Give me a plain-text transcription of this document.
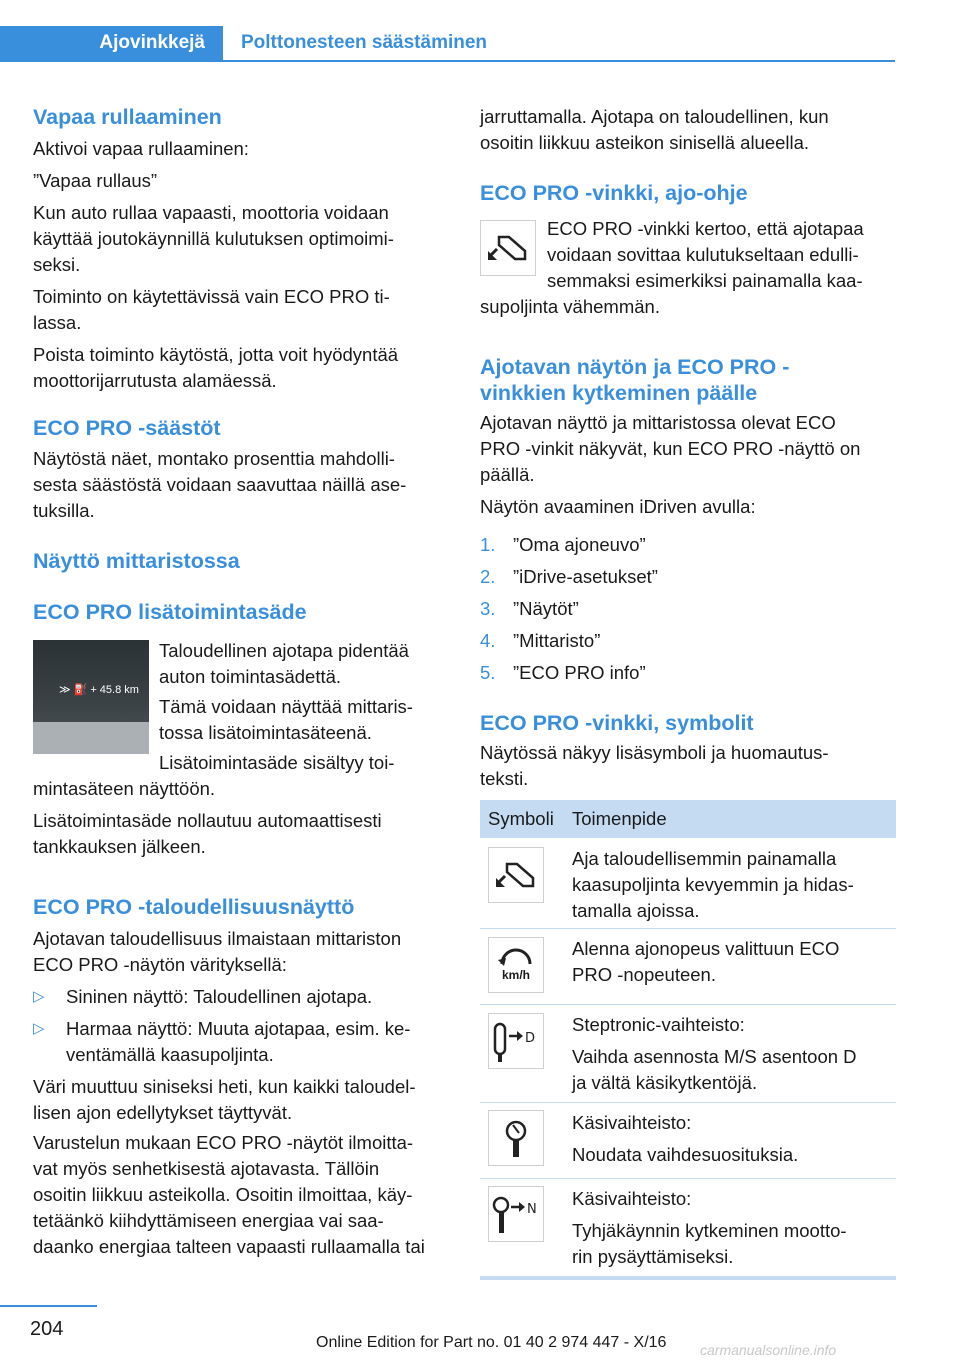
Ajovinkkejä Polttonesteen säästäminen
Vapaa rullaaminen
Aktivoi vapaa rullaaminen:
”Vapaa rullaus”
Kun auto rullaa vapaasti, moottoria voidaan
käyttää joutokäynnillä kulutuksen optimoimi-
seksi.
Toiminto on käytettävissä vain ECO PRO ti-
lassa.
Poista toiminto käytöstä, jotta voit hyödyntää
moottorijarrutusta alamäessä.
ECO PRO -säästöt
Näytöstä näet, montako prosenttia mahdolli-
sesta säästöstä voidaan saavuttaa näillä ase-
tuksilla.
Näyttö mittaristossa
ECO PRO lisätoimintasäde
≫ ⛽ + 45.8 km
Taloudellinen ajotapa pidentää
auton toimintasädettä.
Tämä voidaan näyttää mittaris-
tossa lisätoimintasäteenä.
Lisätoimintasäde sisältyy toi-
mintasäteen näyttöön.
Lisätoimintasäde nollautuu automaattisesti
tankkauksen jälkeen.
ECO PRO -taloudellisuusnäyttö
Ajotavan taloudellisuus ilmaistaan mittariston
ECO PRO -näytön värityksellä:
▷ Sininen näyttö: Taloudellinen ajotapa.
▷ Harmaa näyttö: Muuta ajotapaa, esim. ke-
ventämällä kaasupoljinta.
Väri muuttuu siniseksi heti, kun kaikki taloudel-
lisen ajon edellytykset täyttyvät.
Varustelun mukaan ECO PRO -näytöt ilmoitta-
vat myös senhetkisestä ajotavasta. Tällöin
osoitin liikkuu asteikolla. Osoitin ilmoittaa, käy-
tetäänkö kiihdyttämiseen energiaa vai saa-
daanko energiaa talteen vapaasti rullaamalla tai
jarruttamalla. Ajotapa on taloudellinen, kun
osoitin liikkuu asteikon sinisellä alueella.
ECO PRO -vinkki, ajo-ohje
ECO PRO -vinkki kertoo, että ajotapaa
voidaan sovittaa kulutukseltaan edulli-
semmaksi esimerkiksi painamalla kaa-
supoljinta vähemmän.
Ajotavan näytön ja ECO PRO -
vinkkien kytkeminen päälle
Ajotavan näyttö ja mittaristossa olevat ECO
PRO -vinkit näkyvät, kun ECO PRO -näyttö on
päällä.
Näytön avaaminen iDriven avulla:
1. ”Oma ajoneuvo”
2. ”iDrive-asetukset”
3. ”Näytöt”
4. ”Mittaristo”
5. ”ECO PRO info”
ECO PRO -vinkki, symbolit
Näytössä näkyy lisäsymboli ja huomautus-
teksti.
Symboli Toimenpide
Aja taloudellisemmin painamalla
kaasupoljinta kevyemmin ja hidas-
tamalla ajoissa.
km/h
Alenna ajonopeus valittuun ECO
PRO -nopeuteen.
D
Steptronic-vaihteisto:
Vaihda asennosta M/S asentoon D
ja vältä käsikytkentöjä.
Käsivaihteisto:
Noudata vaihdesuosituksia.
N
Käsivaihteisto:
Tyhjäkäynnin kytkeminen mootto-
rin pysäyttämiseksi.
204
Online Edition for Part no. 01 40 2 974 447 - X/16 carmanualsonline.info
